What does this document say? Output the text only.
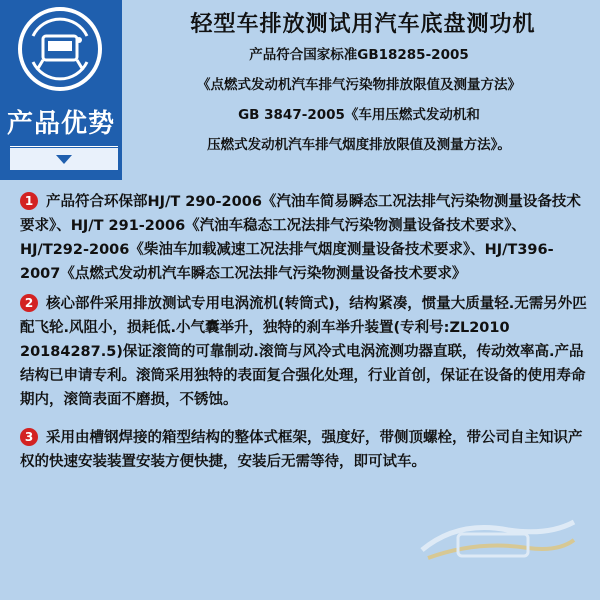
产品优势
轻型车排放测试用汽车底盘测功机
产品符合国家标准GB18285-2005
《点燃式发动机汽车排气污染物排放限值及测量方法》
GB 3847-2005《车用压燃式发动机和
压燃式发动机汽车排气烟度排放限值及测量方法》。
1 产品符合环保部HJ/T 290-2006《汽油车简易瞬态工况法排气污染物测量设备技术要求》、HJ/T 291-2006《汽油车稳态工况法排气污染物测量设备技术要求》、HJ/T292-2006《柴油车加载减速工况法排气烟度测量设备技术要求》、HJ/T396-2007《点燃式发动机汽车瞬态工况法排气污染物测量设备技术要求》
2 核心部件采用排放测试专用电涡流机(转筒式)，结构紧凑，惯量大质量轻.无需另外匹配飞轮.风阻小，损耗低.小气囊举升，独特的刹车举升装置(专利号:ZL2010 20184287.5)保证滚筒的可靠制动.滚筒与风冷式电涡流测功器直联，传动效率高.产品结构已申请专利。滚筒采用独特的表面复合强化处理，行业首创，保证在设备的使用寿命期内，滚筒表面不磨损，不锈蚀。
3 采用由槽钢焊接的箱型结构的整体式框架，强度好，带侧顶螺栓，带公司自主知识产权的快速安装装置安装方便快捷，安装后无需等待，即可试车。
